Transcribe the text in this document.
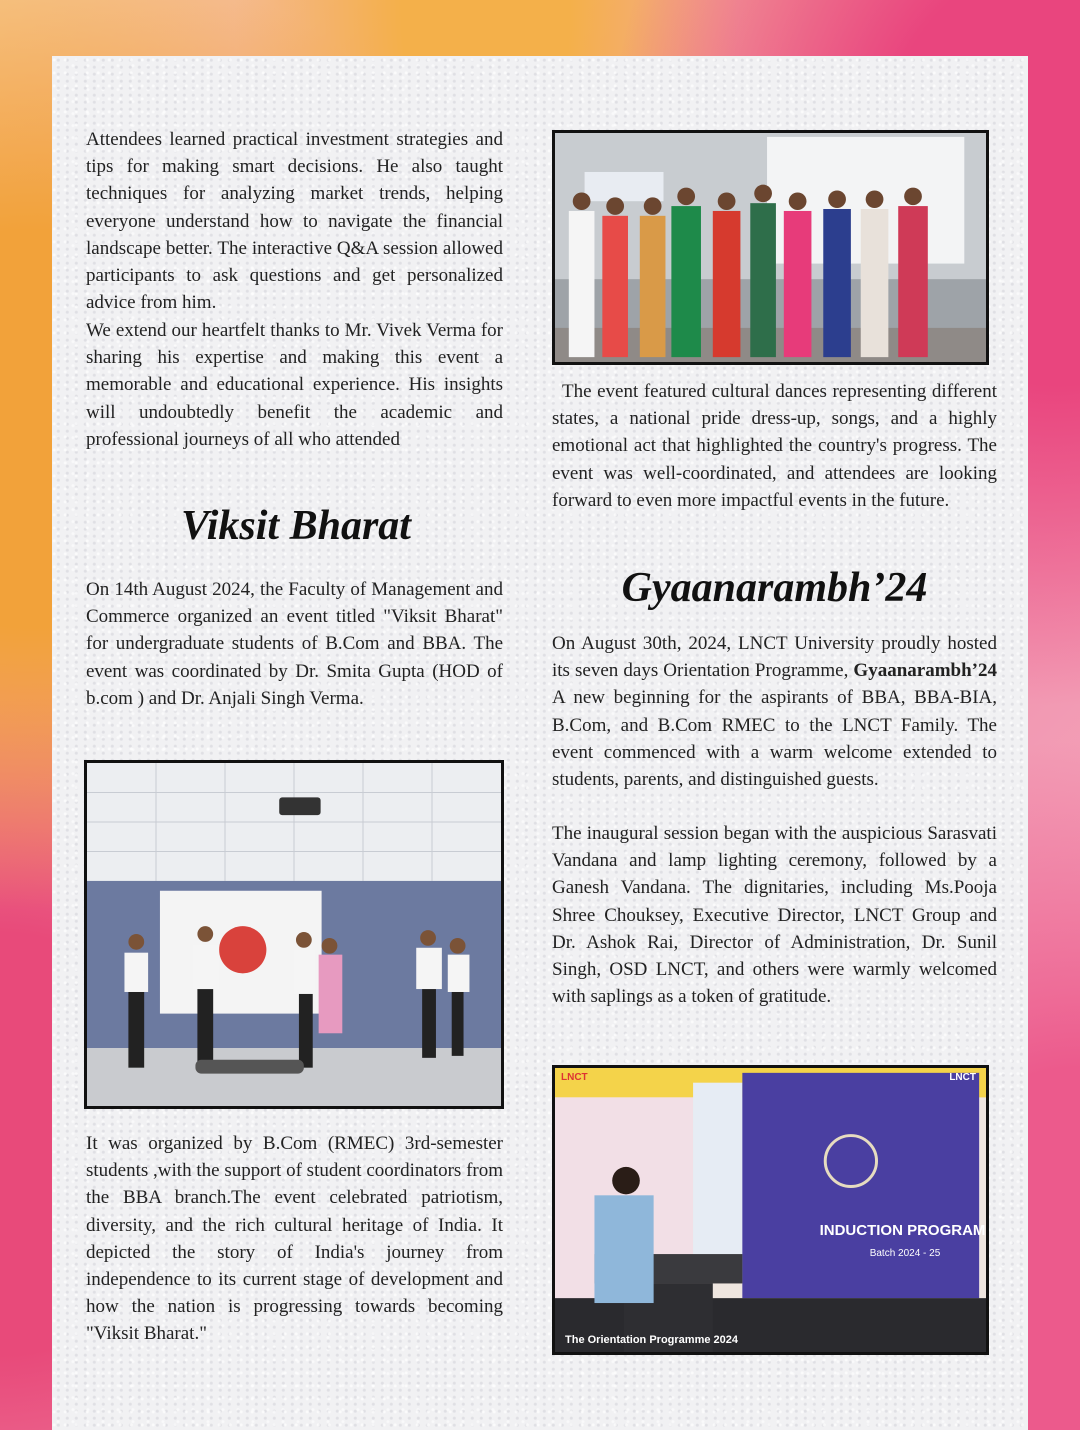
Attendees learned practical investment strategies and tips for making smart decisions. He also taught techniques for analyzing market trends, helping everyone understand how to navigate the financial landscape better. The interactive Q&A session allowed participants to ask questions and get personalized advice from him.

We extend our heartfelt thanks to Mr. Vivek Verma for sharing his expertise and making this event a memorable and educational experience. His insights will undoubtedly benefit the academic and professional journeys of all who attended

Viksit Bharat

On 14th August 2024, the Faculty of Management and Commerce organized an event titled "Viksit Bharat" for undergraduate students of B.Com and BBA. The event was coordinated by Dr. Smita Gupta (HOD of b.com ) and Dr. Anjali Singh Verma.

It was organized by B.Com (RMEC) 3rd-semester students ,with the support of student coordinators from the BBA branch.The event celebrated patriotism, diversity, and the rich cultural heritage of India. It depicted the story of India's journey from independence to its current stage of development and how the nation is progressing towards becoming "Viksit Bharat."

The event featured cultural dances representing different states, a national pride dress-up, songs, and a highly emotional act that highlighted the country's progress. The event was well-coordinated, and attendees are looking forward to even more impactful events in the future.

Gyaanarambh’24

On August 30th, 2024, LNCT University proudly hosted its seven days Orientation Programme, Gyaanarambh’24 A new beginning for the aspirants of BBA, BBA-BIA, B.Com, and B.Com RMEC to the LNCT Family. The event commenced with a warm welcome extended to students, parents, and distinguished guests.

The inaugural session began with the auspicious Sarasvati Vandana and lamp lighting ceremony, followed by a Ganesh Vandana. The dignitaries, including Ms.Pooja Shree Chouksey, Executive Director, LNCT Group and Dr. Ashok Rai, Director of Administration, Dr. Sunil Singh, OSD LNCT, and others were warmly welcomed with saplings as a token of gratitude.

LNCT	LNCT
INDUCTION PROGRAM
Batch 2024 - 25
The Orientation Programme 2024
